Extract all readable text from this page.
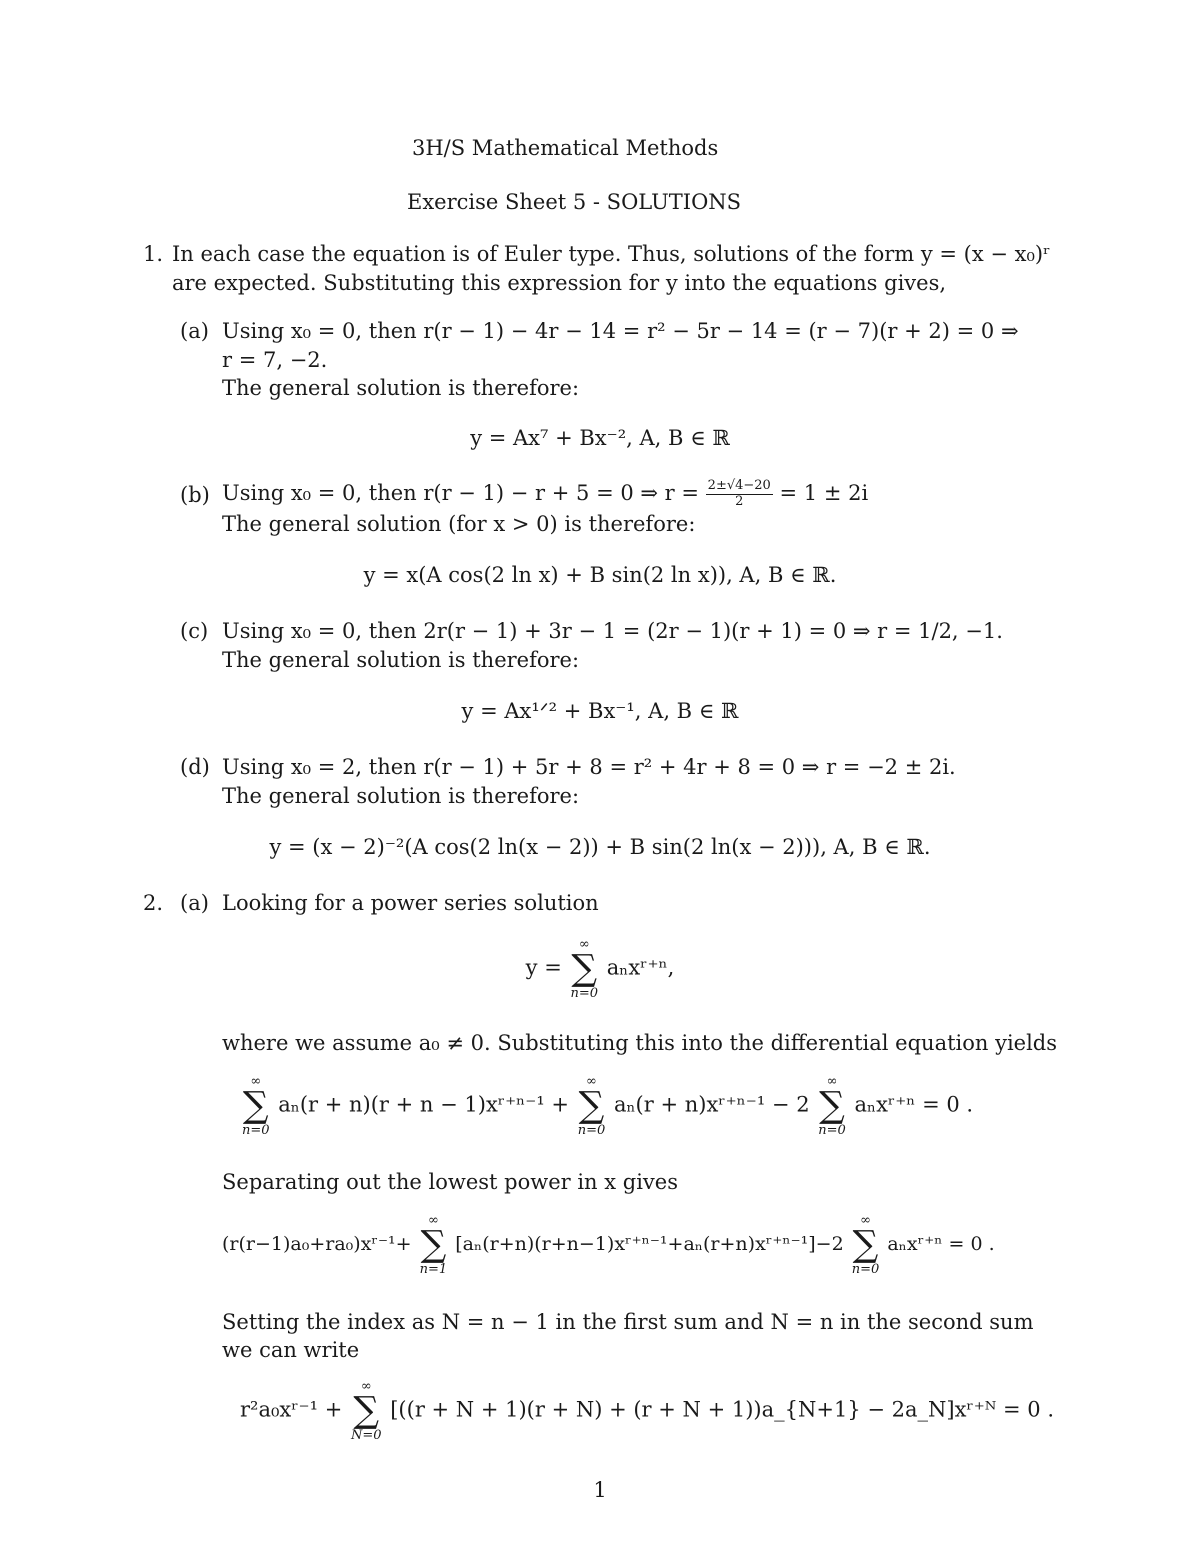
3H/S Mathematical Methods
Exercise Sheet 5 - SOLUTIONS
1. In each case the equation is of Euler type. Thus, solutions of the form y = (x − x₀)ʳ
are expected. Substituting this expression for y into the equations gives,
(a) Using x₀ = 0, then r(r − 1) − 4r − 14 = r² − 5r − 14 = (r − 7)(r + 2) = 0 ⇒
r = 7, −2.
The general solution is therefore:
y = Ax⁷ + Bx⁻², A, B ∈ ℝ
(b) Using x₀ = 0, then r(r − 1) − r + 5 = 0 ⇒ $r = \frac{2\pm√4-20}{2} = 1 \pm 2i$
The general solution (for x > 0) is therefore:
y = x(A cos(2 ln x) + B sin(2 ln x)), A, B ∈ ℝ.
(c) Using x₀ = 0, then 2r(r − 1) + 3r − 1 = (2r − 1)(r + 1) = 0 ⇒ r = 1/2, −1.
The general solution is therefore:
y = Ax¹ᐟ² + Bx⁻¹, A, B ∈ ℝ
(d) Using x₀ = 2, then r(r − 1) + 5r + 8 = r² + 4r + 8 = 0 ⇒ r = −2 ± 2i.
The general solution is therefore:
y = (x − 2)⁻²(A cos(2 ln(x − 2)) + B sin(2 ln(x − 2))), A, B ∈ ℝ.
2. (a) Looking for a power series solution
y =
∞
∑
n=0
aₙxʳ⁺ⁿ,
where we assume a₀ ≠ 0. Substituting this into the differential equation yields
∞
∑
n=0
aₙ(r + n)(r + n − 1)xʳ⁺ⁿ⁻¹ +
∞
∑
n=0
aₙ(r + n)xʳ⁺ⁿ⁻¹ − 2
∞
∑
n=0
aₙxʳ⁺ⁿ = 0 .
Separating out the lowest power in x gives
(r(r−1)a₀+ra₀)xʳ⁻¹+
∞
∑
n=1
[aₙ(r+n)(r+n−1)xʳ⁺ⁿ⁻¹+aₙ(r+n)xʳ⁺ⁿ⁻¹]−2
∞
∑
n=0
aₙxʳ⁺ⁿ = 0 .
Setting the index as N = n − 1 in the first sum and N = n in the second sum
we can write
r²a₀xʳ⁻¹ +
∞
∑
N=0
[((r + N + 1)(r + N) + (r + N + 1))a_{N+1} − 2a_N]xʳ⁺ᴺ = 0 .
1
